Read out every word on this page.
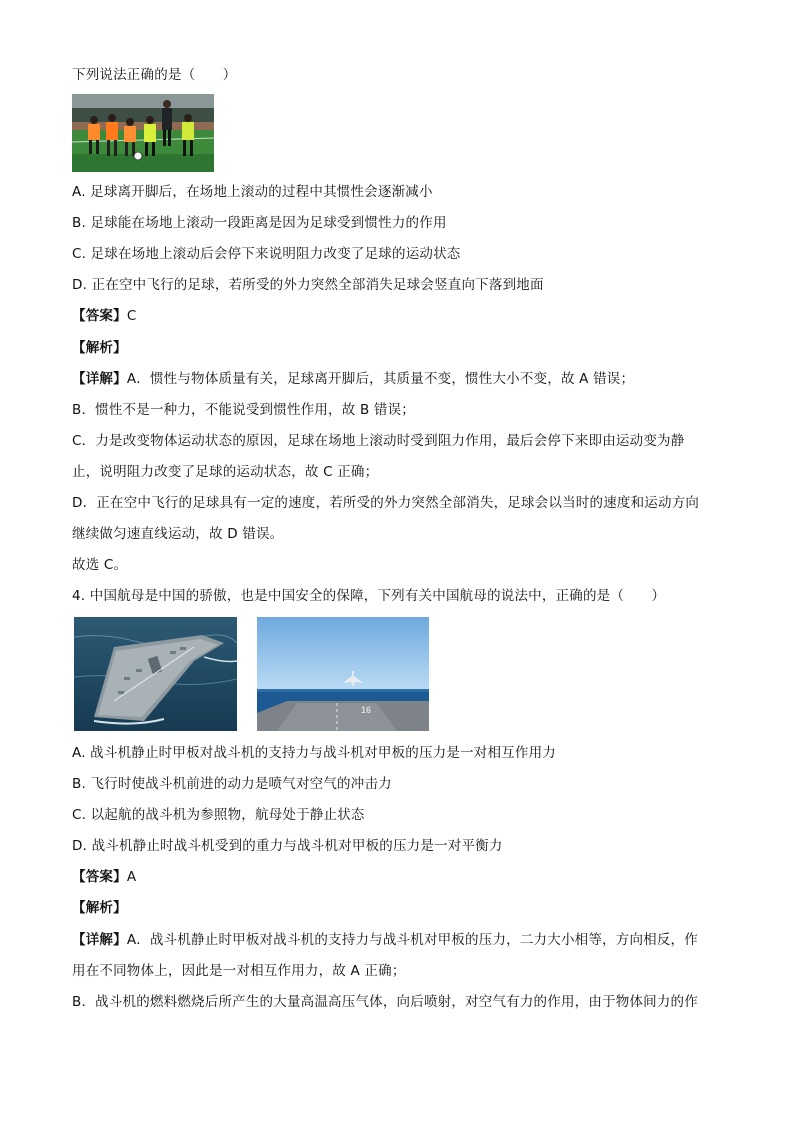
下列说法正确的是（　　）
A. 足球离开脚后，在场地上滚动的过程中其惯性会逐渐减小
B. 足球能在场地上滚动一段距离是因为足球受到惯性力的作用
C. 足球在场地上滚动后会停下来说明阻力改变了足球的运动状态
D. 正在空中飞行的足球，若所受的外力突然全部消失足球会竖直向下落到地面
【答案】C
【解析】
【详解】A．惯性与物体质量有关，足球离开脚后，其质量不变，惯性大小不变，故 A 错误；
B．惯性不是一种力，不能说受到惯性作用，故 B 错误；
C．力是改变物体运动状态的原因，足球在场地上滚动时受到阻力作用，最后会停下来即由运动变为静
止，说明阻力改变了足球的运动状态，故 C 正确；
D．正在空中飞行的足球具有一定的速度，若所受的外力突然全部消失，足球会以当时的速度和运动方向
继续做匀速直线运动，故 D 错误。
故选 C。
4. 中国航母是中国的骄傲，也是中国安全的保障，下列有关中国航母的说法中，正确的是（　　）
16
A. 战斗机静止时甲板对战斗机的支持力与战斗机对甲板的压力是一对相互作用力
B. 飞行时使战斗机前进的动力是喷气对空气的冲击力
C. 以起航的战斗机为参照物，航母处于静止状态
D. 战斗机静止时战斗机受到的重力与战斗机对甲板的压力是一对平衡力
【答案】A
【解析】
【详解】A．战斗机静止时甲板对战斗机的支持力与战斗机对甲板的压力，二力大小相等，方向相反，作
用在不同物体上，因此是一对相互作用力，故 A 正确；
B．战斗机的燃料燃烧后所产生的大量高温高压气体，向后喷射，对空气有力的作用，由于物体间力的作
